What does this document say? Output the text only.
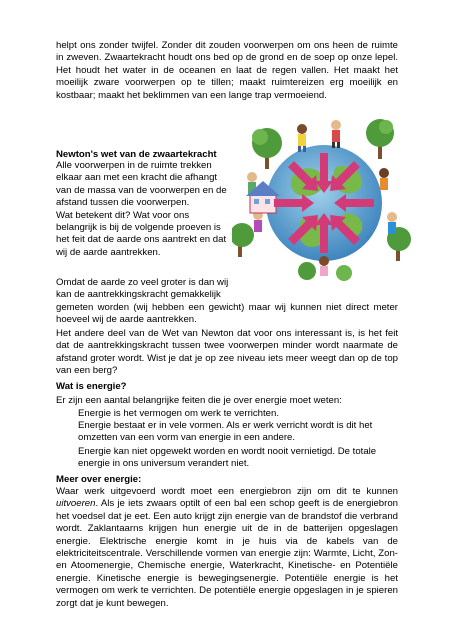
helpt ons zonder twijfel. Zonder dit zouden voorwerpen om ons heen de ruimte in zweven. Zwaartekracht houdt ons bed op de grond en de soep op onze lepel. Het houdt het water in de oceanen en laat de regen vallen. Het maakt het moeilijk zware voorwerpen op te tillen; maakt ruimtereizen erg moeilijk en kostbaar; maakt het beklimmen van een lange trap vermoeiend.

Newton's wet van de zwaartekracht

Alle voorwerpen in de ruimte trekken
elkaar aan met een kracht die afhangt
van de massa van de voorwerpen en de
afstand tussen die voorwerpen.
Wat betekent dit? Wat voor ons
belangrijk is bij de volgende proeven is
het feit dat de aarde ons aantrekt en dat
wij de aarde aantrekken.
Omdat de aarde zo veel groter is dan wij
kan de aantrekkingskracht gemakkelijk

gemeten worden (wij hebben een gewicht) maar wij kunnen niet direct meter hoeveel wij de aarde aantrekken.

Het andere deel van de Wet van Newton dat voor ons interessant is, is het feit dat de aantrekkingskracht tussen twee voorwerpen minder wordt naarmate de afstand groter wordt. Wist je dat je op zee niveau iets meer weegt dan op de top van een berg?

Wat is energie?

Er zijn een aantal belangrijke feiten die je over energie moet weten:

Energie is het vermogen om werk te verrichten.

Energie bestaat er in vele vormen. Als er werk verricht wordt is dit het omzetten van een vorm van energie in een andere.

Energie kan niet opgewekt worden en wordt nooit vernietigd. De totale energie in ons universum verandert niet.

Meer over energie:

Waar werk uitgevoerd wordt moet een energiebron zijn om dit te kunnen uitvoeren. Als je iets zwaars optilt of een bal een schop geeft is de energiebron het voedsel dat je eet. Een auto krijgt zijn energie van de brandstof die verbrand wordt. Zaklantaarns krijgen hun energie uit de in de batterijen opgeslagen energie. Elektrische energie komt in je huis via de kabels van de elektriciteitscentrale. Verschillende vormen van energie zijn: Warmte, Licht, Zon- en Atoomenergie, Chemische energie, Waterkracht, Kinetische- en Potentiële energie. Kinetische energie is bewegingsenergie. Potentiële energie is het vermogen om werk te verrichten. De potentiële energie opgeslagen in je spieren zorgt dat je kunt bewegen.
